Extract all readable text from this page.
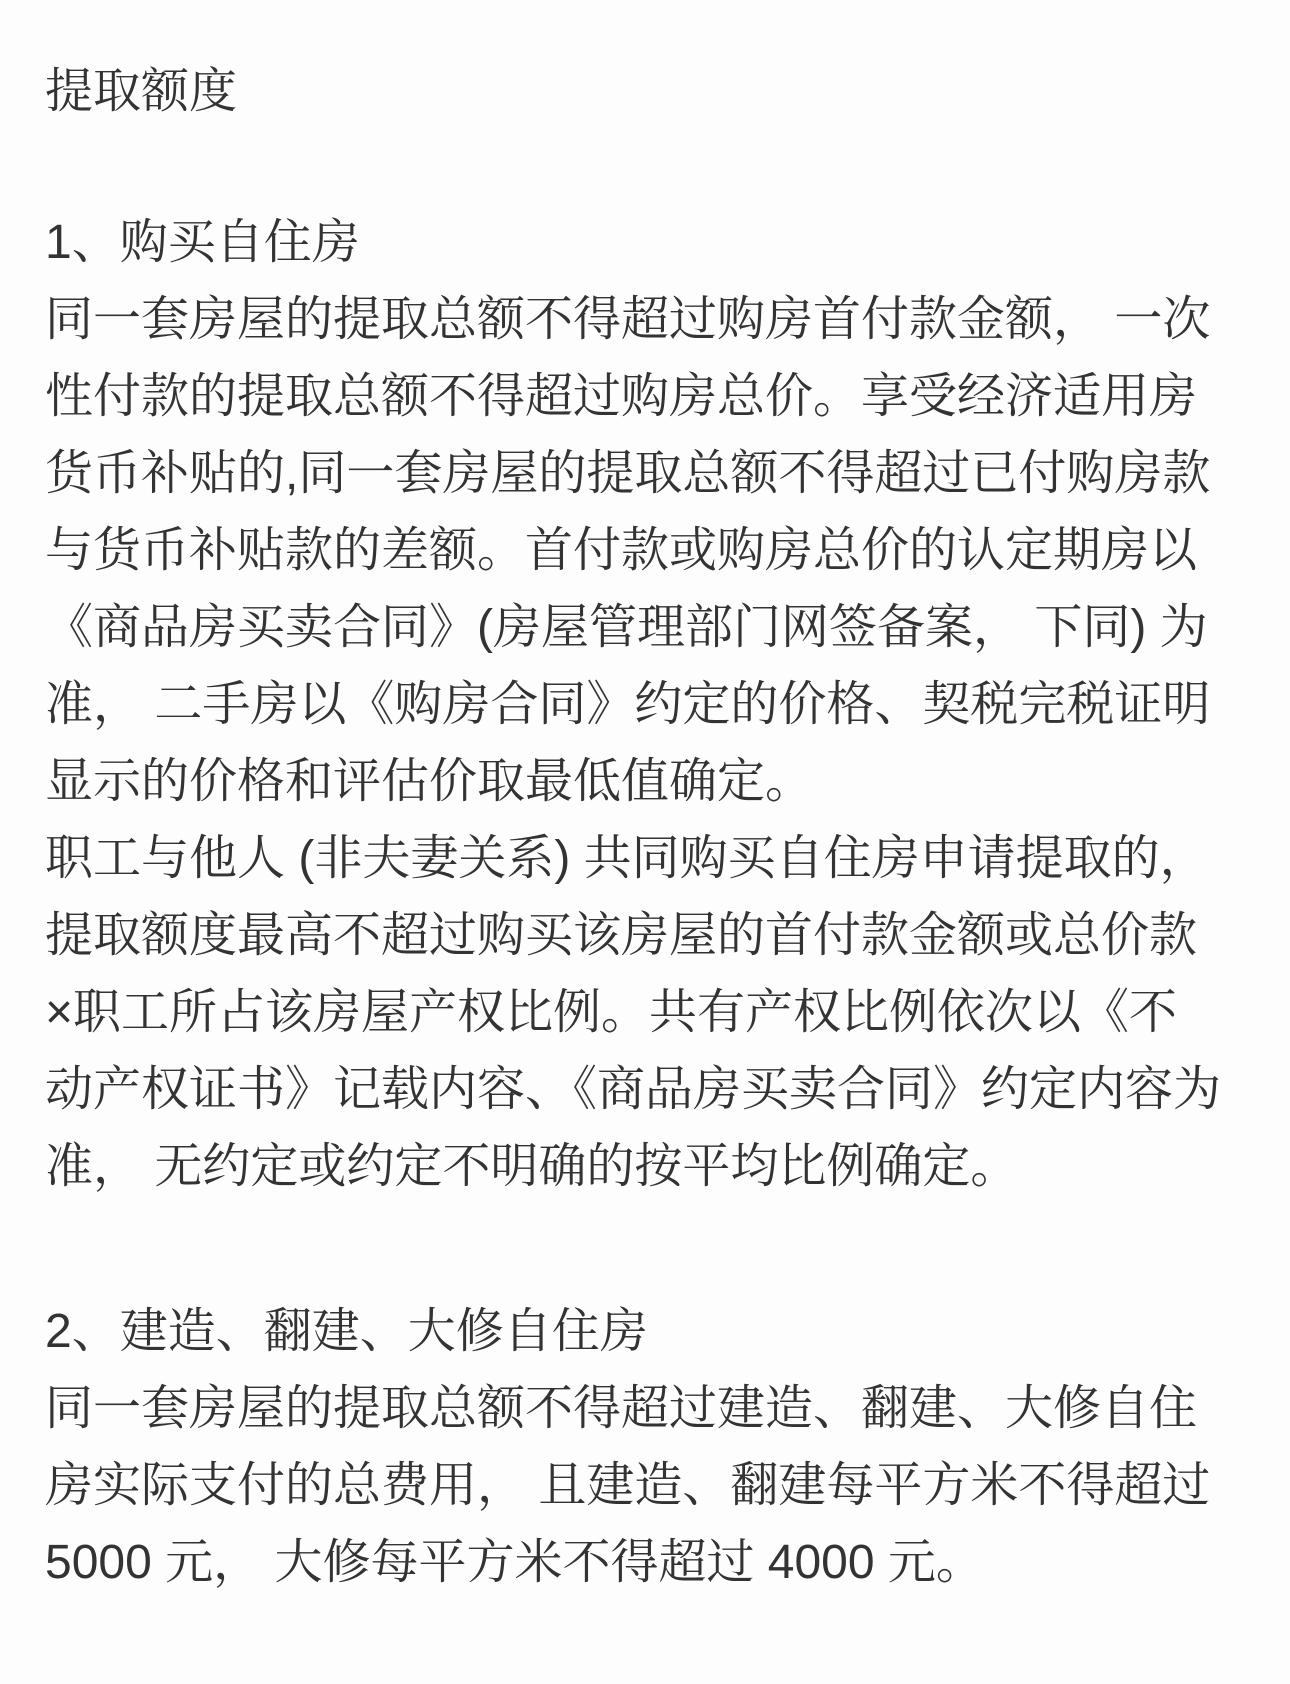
提取额度
1、购买自住房
同一套房屋的提取总额不得超过购房首付款金额， 一次
性付款的提取总额不得超过购房总价。享受经济适用房
货币补贴的,同一套房屋的提取总额不得超过已付购房款
与货币补贴款的差额。首付款或购房总价的认定期房以
《商品房买卖合同》(房屋管理部门网签备案， 下同) 为
准， 二手房以《购房合同》约定的价格、契税完税证明
显示的价格和评估价取最低值确定。
职工与他人 (非夫妻关系) 共同购买自住房申请提取的，
提取额度最高不超过购买该房屋的首付款金额或总价款
×职工所占该房屋产权比例。共有产权比例依次以《不
动产权证书》记载内容、《商品房买卖合同》约定内容为
准， 无约定或约定不明确的按平均比例确定。
2、建造、翻建、大修自住房
同一套房屋的提取总额不得超过建造、翻建、大修自住
房实际支付的总费用， 且建造、翻建每平方米不得超过
5000 元， 大修每平方米不得超过 4000 元。
